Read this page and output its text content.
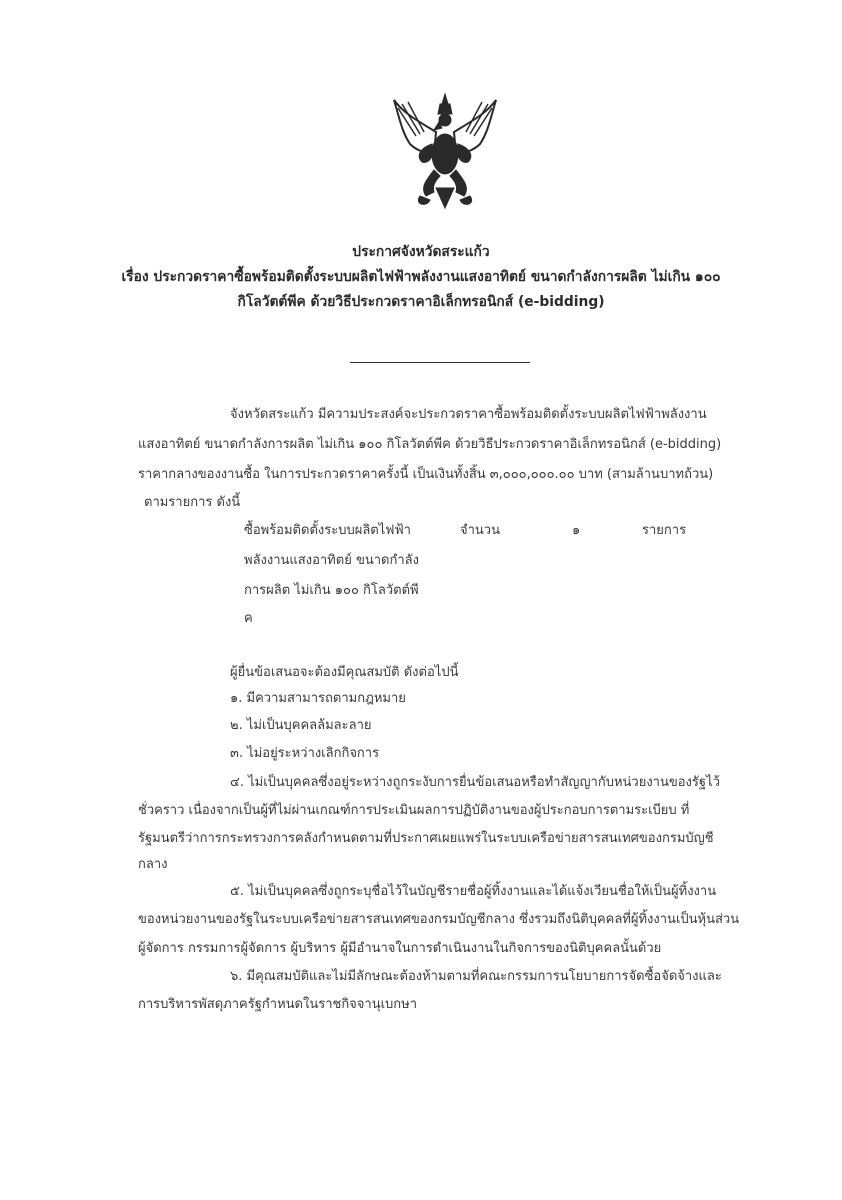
ประกาศจังหวัดสระแก้ว
เรื่อง ประกวดราคาซื้อพร้อมติดตั้งระบบผลิตไฟฟ้าพลังงานแสงอาทิตย์ ขนาดกำลังการผลิต ไม่เกิน ๑๐๐
กิโลวัตต์พีค ด้วยวิธีประกวดราคาอิเล็กทรอนิกส์ (e-bidding)
จังหวัดสระแก้ว มีความประสงค์จะประกวดราคาซื้อพร้อมติดตั้งระบบผลิตไฟฟ้าพลังงาน
แสงอาทิตย์ ขนาดกำลังการผลิต ไม่เกิน ๑๐๐ กิโลวัตต์พีค ด้วยวิธีประกวดราคาอิเล็กทรอนิกส์ (e-bidding)
ราคากลางของงานซื้อ ในการประกวดราคาครั้งนี้ เป็นเงินทั้งสิ้น ๓,๐๐๐,๐๐๐.๐๐ บาท (สามล้านบาทถ้วน)
ตามรายการ ดังนี้
ซื้อพร้อมติดตั้งระบบผลิตไฟฟ้า
พลังงานแสงอาทิตย์ ขนาดกำลัง
การผลิต ไม่เกิน ๑๐๐ กิโลวัตต์พี
ค
จำนวน	๑	รายการ
ผู้ยื่นข้อเสนอจะต้องมีคุณสมบัติ ดังต่อไปนี้
๑. มีความสามารถตามกฎหมาย
๒. ไม่เป็นบุคคลล้มละลาย
๓. ไม่อยู่ระหว่างเลิกกิจการ
๔. ไม่เป็นบุคคลซึ่งอยู่ระหว่างถูกระงับการยื่นข้อเสนอหรือทำสัญญากับหน่วยงานของรัฐไว้
ชั่วคราว เนื่องจากเป็นผู้ที่ไม่ผ่านเกณฑ์การประเมินผลการปฏิบัติงานของผู้ประกอบการตามระเบียบ ที่
รัฐมนตรีว่าการกระทรวงการคลังกำหนดตามที่ประกาศเผยแพร่ในระบบเครือข่ายสารสนเทศของกรมบัญชี
กลาง
๕. ไม่เป็นบุคคลซึ่งถูกระบุชื่อไว้ในบัญชีรายชื่อผู้ทิ้งงานและได้แจ้งเวียนชื่อให้เป็นผู้ทิ้งงาน
ของหน่วยงานของรัฐในระบบเครือข่ายสารสนเทศของกรมบัญชีกลาง ซึ่งรวมถึงนิติบุคคลที่ผู้ทิ้งงานเป็นหุ้นส่วน
ผู้จัดการ กรรมการผู้จัดการ ผู้บริหาร ผู้มีอำนาจในการดำเนินงานในกิจการของนิติบุคคลนั้นด้วย
๖. มีคุณสมบัติและไม่มีลักษณะต้องห้ามตามที่คณะกรรมการนโยบายการจัดซื้อจัดจ้างและ
การบริหารพัสดุภาครัฐกำหนดในราชกิจจานุเบกษา
